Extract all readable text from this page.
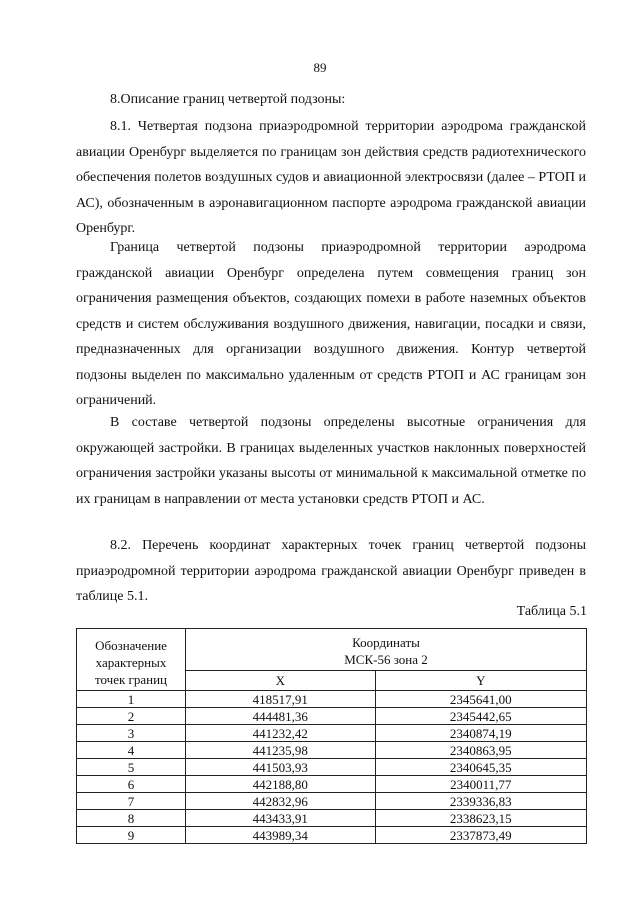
89
8.Описание границ четвертой подзоны:

8.1. Четвертая подзона приаэродромной территории аэродрома гражданской авиации Оренбург выделяется по границам зон действия средств радиотехнического обеспечения полетов воздушных судов и авиационной электросвязи (далее – РТОП и АС), обозначенным в аэронавигационном паспорте аэродрома гражданской авиации Оренбург.

Граница четвертой подзоны приаэродромной территории аэродрома гражданской авиации Оренбург определена путем совмещения границ зон ограничения размещения объектов, создающих помехи в работе наземных объектов средств и систем обслуживания воздушного движения, навигации, посадки и связи, предназначенных для организации воздушного движения. Контур четвертой подзоны выделен по максимально удаленным от средств РТОП и АС границам зон ограничений.

В составе четвертой подзоны определены высотные ограничения для окружающей застройки. В границах выделенных участков наклонных поверхностей ограничения застройки указаны высоты от минимальной к максимальной отметке по их границам в направлении от места установки средств РТОП и АС.

8.2. Перечень координат характерных точек границ четвертой подзоны приаэродромной территории аэродрома гражданской авиации Оренбург приведен в таблице 5.1.

Таблица 5.1
Обозначение
характерных
точек границ	Координаты
МСК-56 зона 2	

	X	Y
1	418517,91	2345641,00
2	444481,36	2345442,65
3	441232,42	2340874,19
4	441235,98	2340863,95
5	441503,93	2340645,35
6	442188,80	2340011,77
7	442832,96	2339336,83
8	443433,91	2338623,15
9	443989,34	2337873,49
